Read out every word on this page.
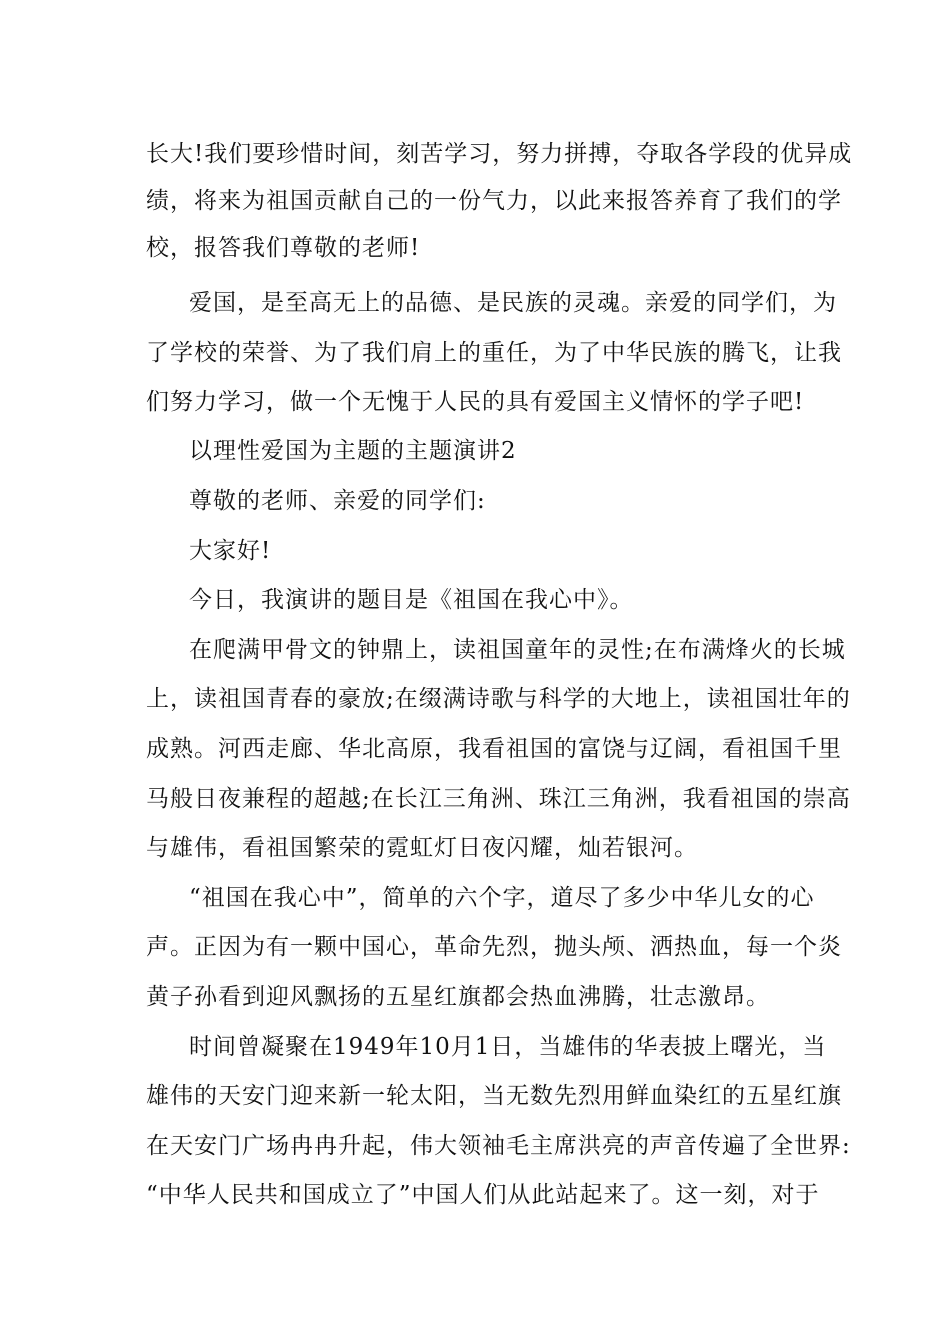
长大!我们要珍惜时间，刻苦学习，努力拼搏，夺取各学段的优异成
绩，将来为祖国贡献自己的一份气力，以此来报答养育了我们的学
校，报答我们尊敬的老师!
爱国，是至高无上的品德、是民族的灵魂。亲爱的同学们，为
了学校的荣誉、为了我们肩上的重任，为了中华民族的腾飞，让我
们努力学习，做一个无愧于人民的具有爱国主义情怀的学子吧!
以理性爱国为主题的主题演讲2
尊敬的老师、亲爱的同学们:
大家好!
今日，我演讲的题目是《祖国在我心中》。
在爬满甲骨文的钟鼎上，读祖国童年的灵性;在布满烽火的长城
上，读祖国青春的豪放;在缀满诗歌与科学的大地上，读祖国壮年的
成熟。河西走廊、华北高原，我看祖国的富饶与辽阔，看祖国千里
马般日夜兼程的超越;在长江三角洲、珠江三角洲，我看祖国的崇高
与雄伟，看祖国繁荣的霓虹灯日夜闪耀，灿若银河。
“祖国在我心中”，简单的六个字，道尽了多少中华儿女的心
声。正因为有一颗中国心，革命先烈，抛头颅、洒热血，每一个炎
黄子孙看到迎风飘扬的五星红旗都会热血沸腾，壮志激昂。
时间曾凝聚在1949年10月1日，当雄伟的华表披上曙光，当
雄伟的天安门迎来新一轮太阳，当无数先烈用鲜血染红的五星红旗
在天安门广场冉冉升起，伟大领袖毛主席洪亮的声音传遍了全世界:
“中华人民共和国成立了”中国人们从此站起来了。这一刻，对于
